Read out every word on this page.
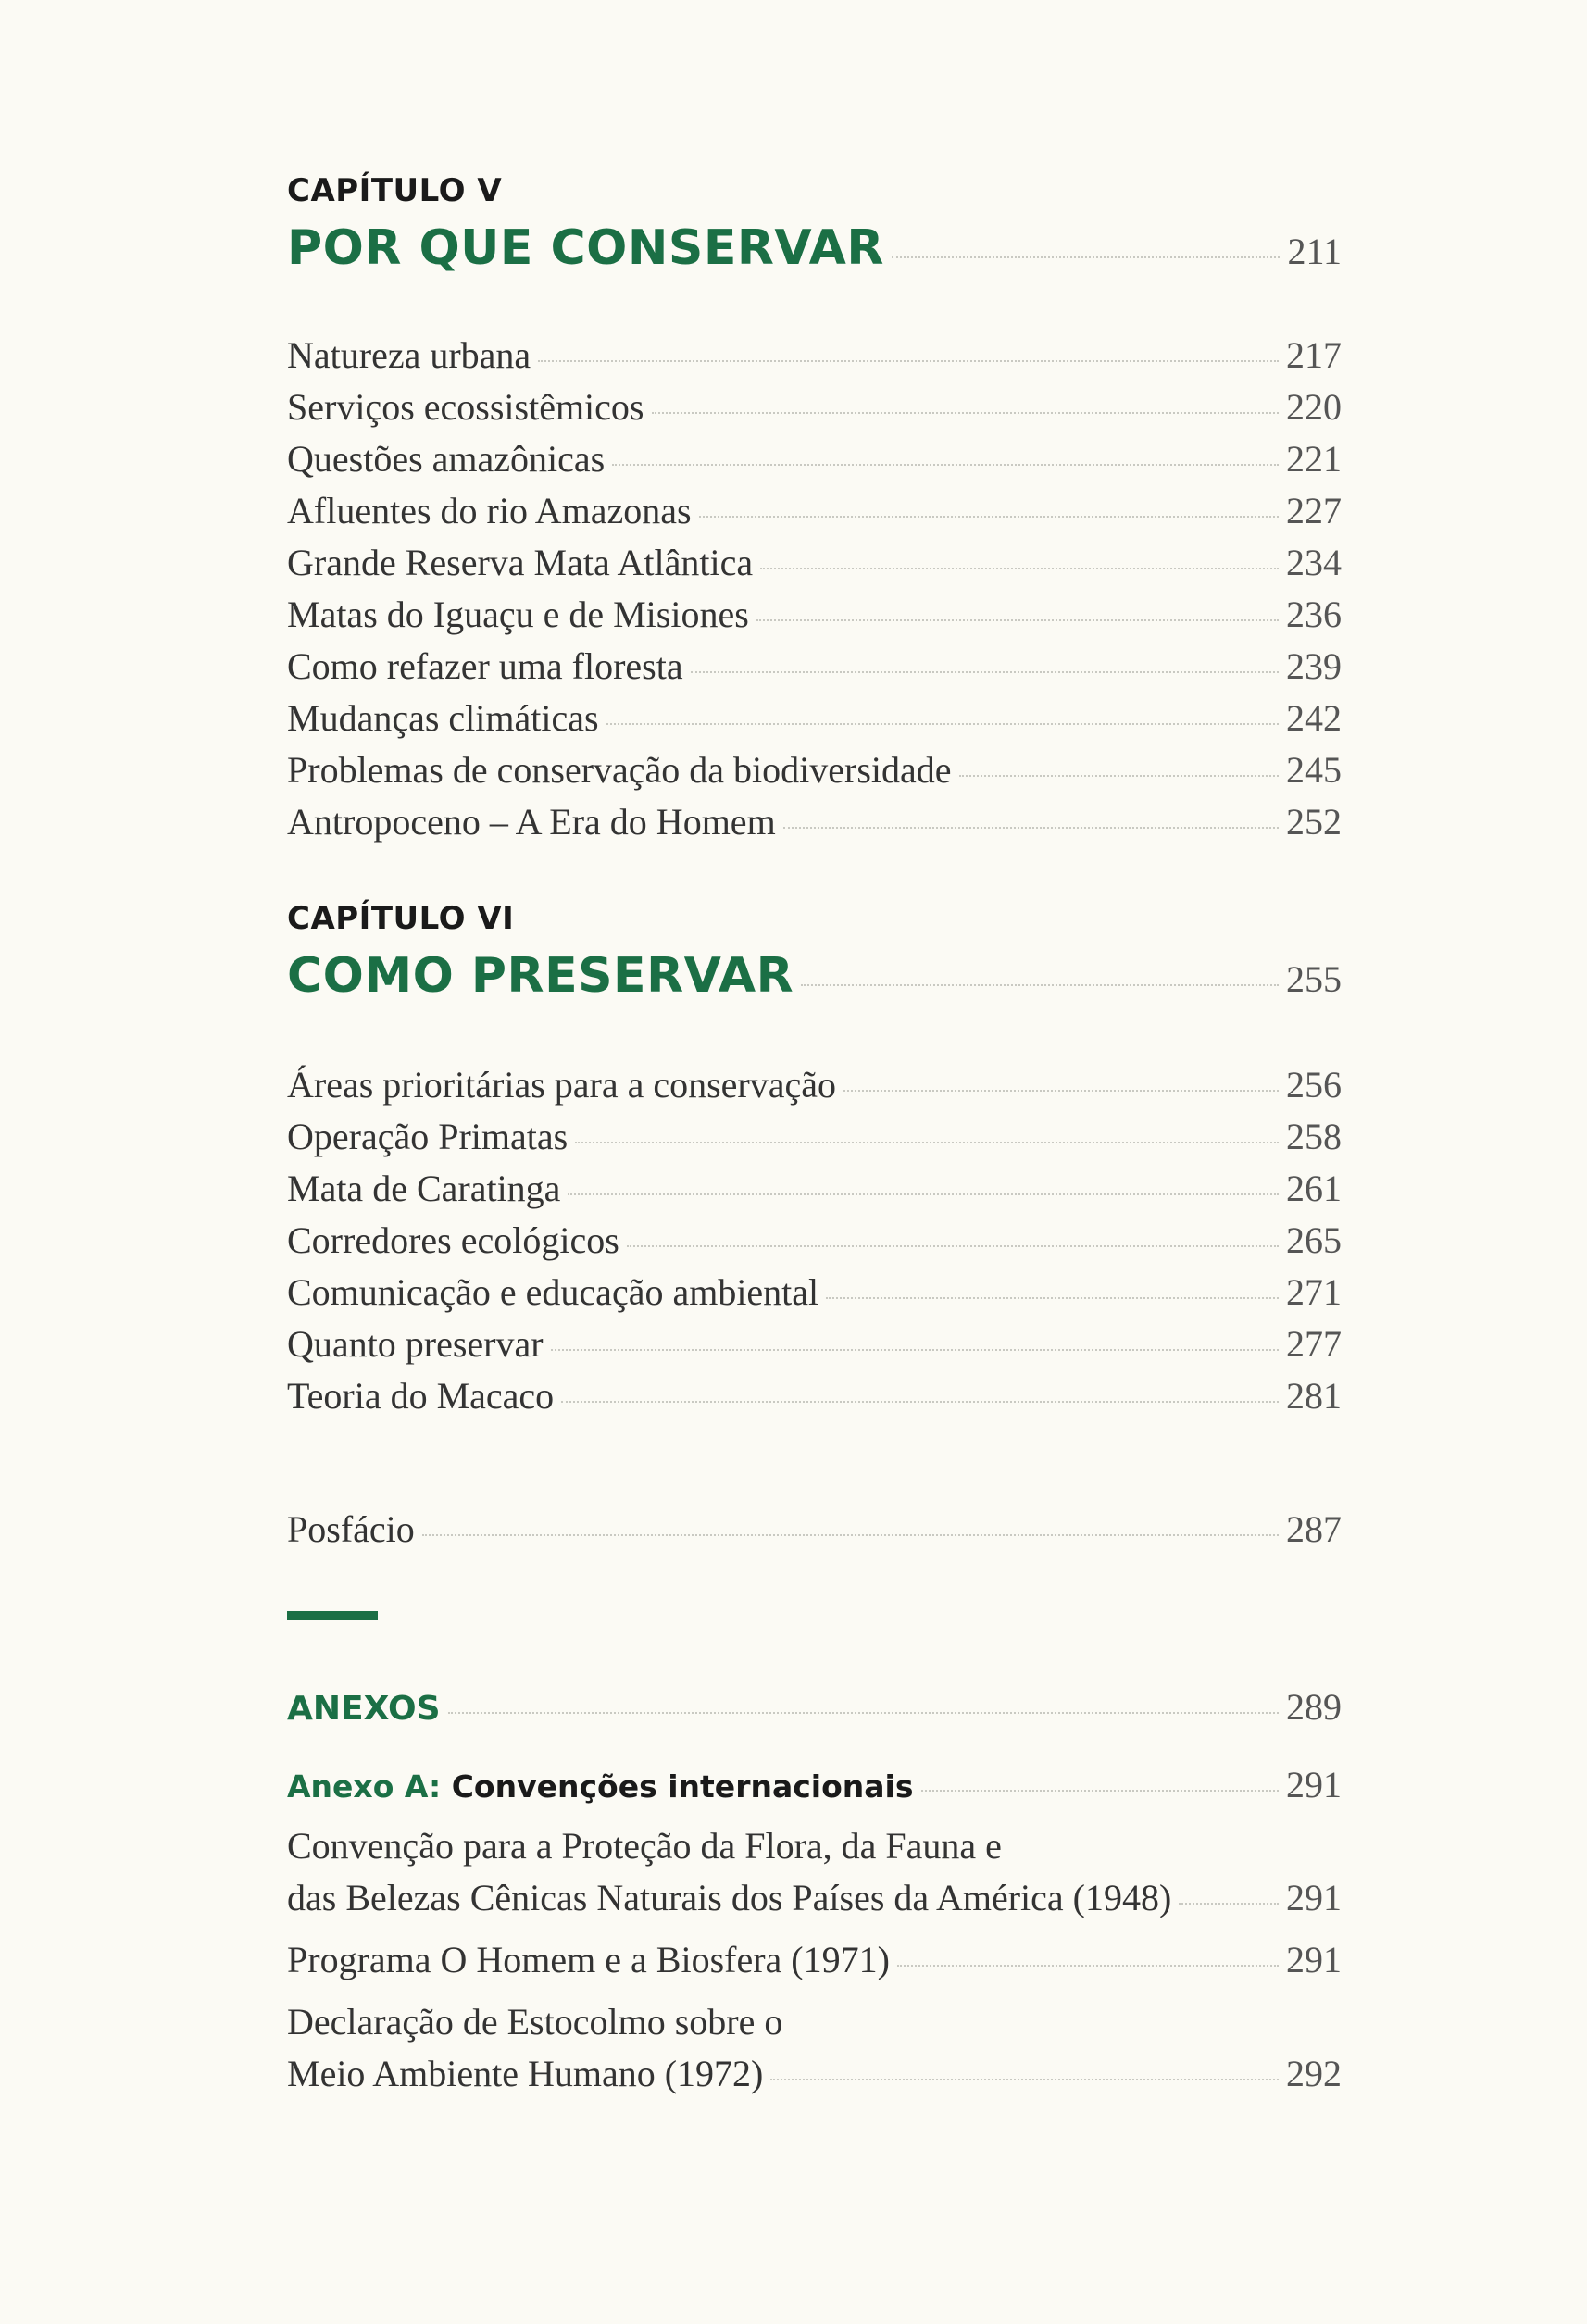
CAPÍTULO V
POR QUE CONSERVAR	211
Natureza urbana	217
Serviços ecossistêmicos	220
Questões amazônicas	221
Afluentes do rio Amazonas	227
Grande Reserva Mata Atlântica	234
Matas do Iguaçu e de Misiones	236
Como refazer uma floresta	239
Mudanças climáticas	242
Problemas de conservação da biodiversidade	245
Antropoceno – A Era do Homem	252
CAPÍTULO VI
COMO PRESERVAR	255
Áreas prioritárias para a conservação	256
Operação Primatas	258
Mata de Caratinga	261
Corredores ecológicos	265
Comunicação e educação ambiental	271
Quanto preservar	277
Teoria do Macaco	281
Posfácio	287
ANEXOS	289
Anexo A: Convenções internacionais	291
Convenção para a Proteção da Flora, da Fauna e
das Belezas Cênicas Naturais dos Países da América (1948)	291
Programa O Homem e a Biosfera (1971)	291
Declaração de Estocolmo sobre o
Meio Ambiente Humano (1972)	292
